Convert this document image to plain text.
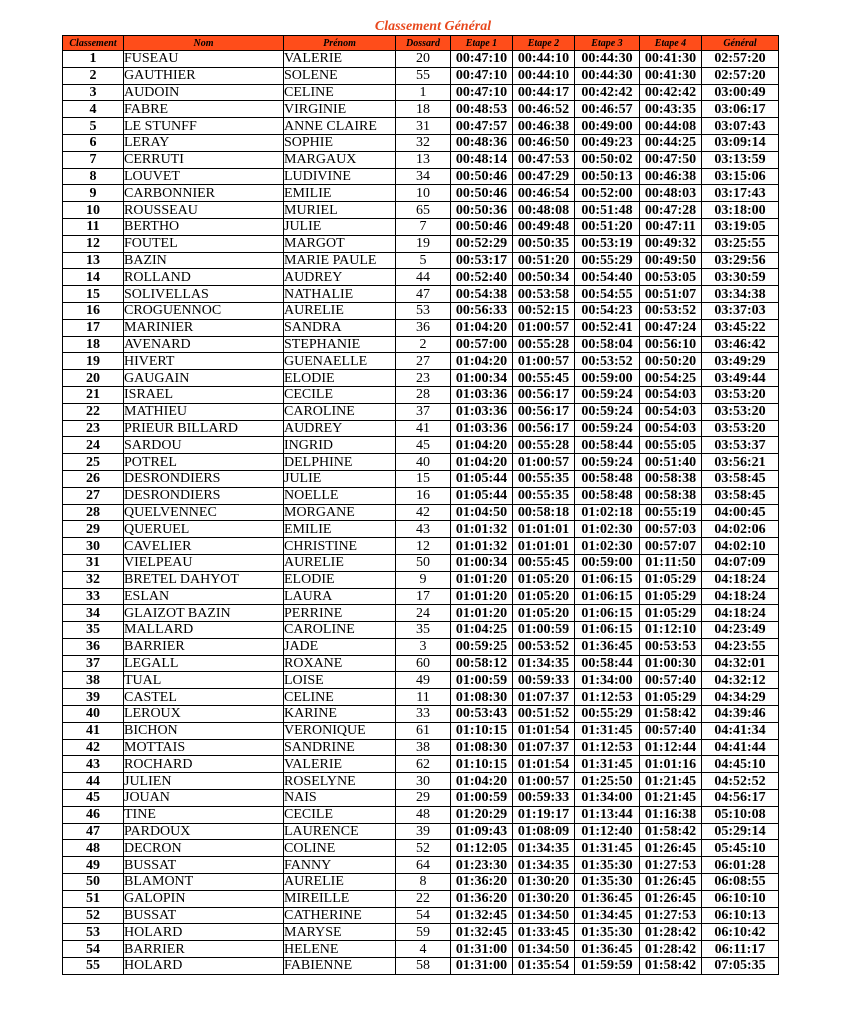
Classement Général
Classement	Nom	Prénom	Dossard	Etape 1	Etape 2	Etape 3	Etape 4	Général
1	FUSEAU	VALERIE	20	00:47:10	00:44:10	00:44:30	00:41:30	02:57:20
2	GAUTHIER	SOLENE	55	00:47:10	00:44:10	00:44:30	00:41:30	02:57:20
3	AUDOIN	CELINE	1	00:47:10	00:44:17	00:42:42	00:42:42	03:00:49
4	FABRE	VIRGINIE	18	00:48:53	00:46:52	00:46:57	00:43:35	03:06:17
5	LE STUNFF	ANNE CLAIRE	31	00:47:57	00:46:38	00:49:00	00:44:08	03:07:43
6	LERAY	SOPHIE	32	00:48:36	00:46:50	00:49:23	00:44:25	03:09:14
7	CERRUTI	MARGAUX	13	00:48:14	00:47:53	00:50:02	00:47:50	03:13:59
8	LOUVET	LUDIVINE	34	00:50:46	00:47:29	00:50:13	00:46:38	03:15:06
9	CARBONNIER	EMILIE	10	00:50:46	00:46:54	00:52:00	00:48:03	03:17:43
10	ROUSSEAU	MURIEL	65	00:50:36	00:48:08	00:51:48	00:47:28	03:18:00
11	BERTHO	JULIE	7	00:50:46	00:49:48	00:51:20	00:47:11	03:19:05
12	FOUTEL	MARGOT	19	00:52:29	00:50:35	00:53:19	00:49:32	03:25:55
13	BAZIN	MARIE PAULE	5	00:53:17	00:51:20	00:55:29	00:49:50	03:29:56
14	ROLLAND	AUDREY	44	00:52:40	00:50:34	00:54:40	00:53:05	03:30:59
15	SOLIVELLAS	NATHALIE	47	00:54:38	00:53:58	00:54:55	00:51:07	03:34:38
16	CROGUENNOC	AURELIE	53	00:56:33	00:52:15	00:54:23	00:53:52	03:37:03
17	MARINIER	SANDRA	36	01:04:20	01:00:57	00:52:41	00:47:24	03:45:22
18	AVENARD	STEPHANIE	2	00:57:00	00:55:28	00:58:04	00:56:10	03:46:42
19	HIVERT	GUENAELLE	27	01:04:20	01:00:57	00:53:52	00:50:20	03:49:29
20	GAUGAIN	ELODIE	23	01:00:34	00:55:45	00:59:00	00:54:25	03:49:44
21	ISRAEL	CECILE	28	01:03:36	00:56:17	00:59:24	00:54:03	03:53:20
22	MATHIEU	CAROLINE	37	01:03:36	00:56:17	00:59:24	00:54:03	03:53:20
23	PRIEUR BILLARD	AUDREY	41	01:03:36	00:56:17	00:59:24	00:54:03	03:53:20
24	SARDOU	INGRID	45	01:04:20	00:55:28	00:58:44	00:55:05	03:53:37
25	POTREL	DELPHINE	40	01:04:20	01:00:57	00:59:24	00:51:40	03:56:21
26	DESRONDIERS	JULIE	15	01:05:44	00:55:35	00:58:48	00:58:38	03:58:45
27	DESRONDIERS	NOELLE	16	01:05:44	00:55:35	00:58:48	00:58:38	03:58:45
28	QUELVENNEC	MORGANE	42	01:04:50	00:58:18	01:02:18	00:55:19	04:00:45
29	QUERUEL	EMILIE	43	01:01:32	01:01:01	01:02:30	00:57:03	04:02:06
30	CAVELIER	CHRISTINE	12	01:01:32	01:01:01	01:02:30	00:57:07	04:02:10
31	VIELPEAU	AURELIE	50	01:00:34	00:55:45	00:59:00	01:11:50	04:07:09
32	BRETEL DAHYOT	ELODIE	9	01:01:20	01:05:20	01:06:15	01:05:29	04:18:24
33	ESLAN	LAURA	17	01:01:20	01:05:20	01:06:15	01:05:29	04:18:24
34	GLAIZOT BAZIN	PERRINE	24	01:01:20	01:05:20	01:06:15	01:05:29	04:18:24
35	MALLARD	CAROLINE	35	01:04:25	01:00:59	01:06:15	01:12:10	04:23:49
36	BARRIER	JADE	3	00:59:25	00:53:52	01:36:45	00:53:53	04:23:55
37	LEGALL	ROXANE	60	00:58:12	01:34:35	00:58:44	01:00:30	04:32:01
38	TUAL	LOISE	49	01:00:59	00:59:33	01:34:00	00:57:40	04:32:12
39	CASTEL	CELINE	11	01:08:30	01:07:37	01:12:53	01:05:29	04:34:29
40	LEROUX	KARINE	33	00:53:43	00:51:52	00:55:29	01:58:42	04:39:46
41	BICHON	VERONIQUE	61	01:10:15	01:01:54	01:31:45	00:57:40	04:41:34
42	MOTTAIS	SANDRINE	38	01:08:30	01:07:37	01:12:53	01:12:44	04:41:44
43	ROCHARD	VALERIE	62	01:10:15	01:01:54	01:31:45	01:01:16	04:45:10
44	JULIEN	ROSELYNE	30	01:04:20	01:00:57	01:25:50	01:21:45	04:52:52
45	JOUAN	NAIS	29	01:00:59	00:59:33	01:34:00	01:21:45	04:56:17
46	TINE	CECILE	48	01:20:29	01:19:17	01:13:44	01:16:38	05:10:08
47	PARDOUX	LAURENCE	39	01:09:43	01:08:09	01:12:40	01:58:42	05:29:14
48	DECRON	COLINE	52	01:12:05	01:34:35	01:31:45	01:26:45	05:45:10
49	BUSSAT	FANNY	64	01:23:30	01:34:35	01:35:30	01:27:53	06:01:28
50	BLAMONT	AURELIE	8	01:36:20	01:30:20	01:35:30	01:26:45	06:08:55
51	GALOPIN	MIREILLE	22	01:36:20	01:30:20	01:36:45	01:26:45	06:10:10
52	BUSSAT	CATHERINE	54	01:32:45	01:34:50	01:34:45	01:27:53	06:10:13
53	HOLARD	MARYSE	59	01:32:45	01:33:45	01:35:30	01:28:42	06:10:42
54	BARRIER	HELENE	4	01:31:00	01:34:50	01:36:45	01:28:42	06:11:17
55	HOLARD	FABIENNE	58	01:31:00	01:35:54	01:59:59	01:58:42	07:05:35
